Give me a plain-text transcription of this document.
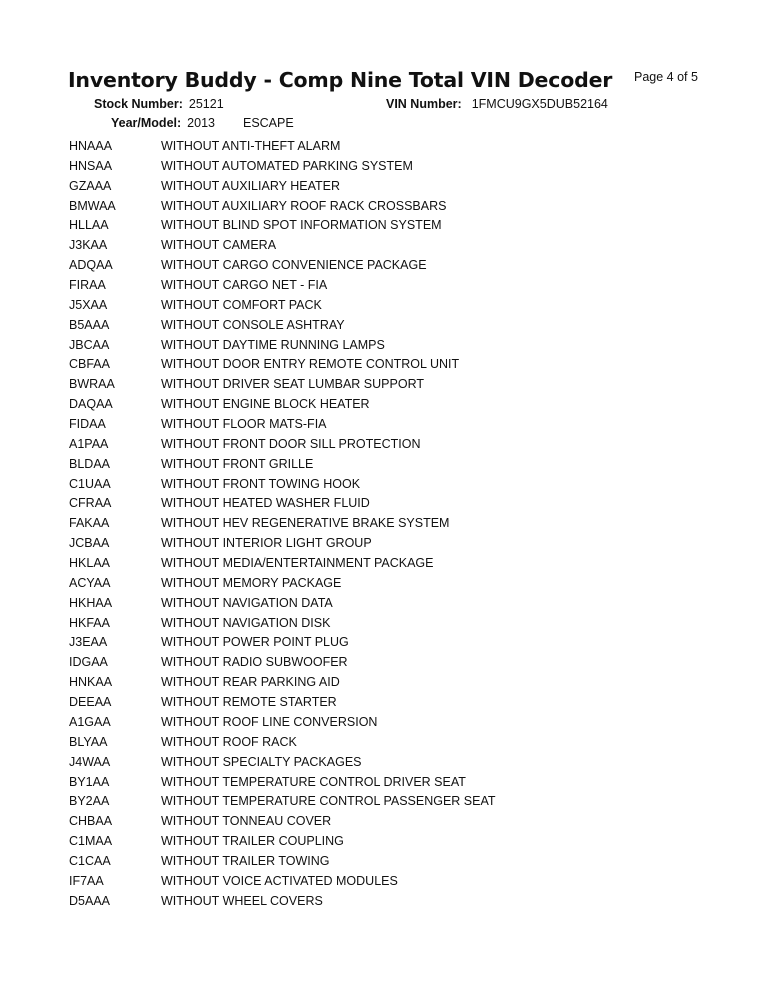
Inventory Buddy - Comp Nine Total VIN Decoder Page 4 of 5
Stock Number: 25121	VIN Number: 1FMCU9GX5DUB52164
Year/Model: 2013 ESCAPE
HNAAA	WITHOUT ANTI-THEFT ALARM
HNSAA	WITHOUT AUTOMATED PARKING SYSTEM
GZAAA	WITHOUT AUXILIARY HEATER
BMWAA	WITHOUT AUXILIARY ROOF RACK CROSSBARS
HLLAA	WITHOUT BLIND SPOT INFORMATION SYSTEM
J3KAA	WITHOUT CAMERA
ADQAA	WITHOUT CARGO CONVENIENCE PACKAGE
FIRAA	WITHOUT CARGO NET - FIA
J5XAA	WITHOUT COMFORT PACK
B5AAA	WITHOUT CONSOLE ASHTRAY
JBCAA	WITHOUT DAYTIME RUNNING LAMPS
CBFAA	WITHOUT DOOR ENTRY REMOTE CONTROL UNIT
BWRAA	WITHOUT DRIVER SEAT LUMBAR SUPPORT
DAQAA	WITHOUT ENGINE BLOCK HEATER
FIDAA	WITHOUT FLOOR MATS-FIA
A1PAA	WITHOUT FRONT DOOR SILL PROTECTION
BLDAA	WITHOUT FRONT GRILLE
C1UAA	WITHOUT FRONT TOWING HOOK
CFRAA	WITHOUT HEATED WASHER FLUID
FAKAA	WITHOUT HEV REGENERATIVE BRAKE SYSTEM
JCBAA	WITHOUT INTERIOR LIGHT GROUP
HKLAA	WITHOUT MEDIA/ENTERTAINMENT PACKAGE
ACYAA	WITHOUT MEMORY PACKAGE
HKHAA	WITHOUT NAVIGATION DATA
HKFAA	WITHOUT NAVIGATION DISK
J3EAA	WITHOUT POWER POINT PLUG
IDGAA	WITHOUT RADIO SUBWOOFER
HNKAA	WITHOUT REAR PARKING AID
DEEAA	WITHOUT REMOTE STARTER
A1GAA	WITHOUT ROOF LINE CONVERSION
BLYAA	WITHOUT ROOF RACK
J4WAA	WITHOUT SPECIALTY PACKAGES
BY1AA	WITHOUT TEMPERATURE CONTROL DRIVER SEAT
BY2AA	WITHOUT TEMPERATURE CONTROL PASSENGER SEAT
CHBAA	WITHOUT TONNEAU COVER
C1MAA	WITHOUT TRAILER COUPLING
C1CAA	WITHOUT TRAILER TOWING
IF7AA	WITHOUT VOICE ACTIVATED MODULES
D5AAA	WITHOUT WHEEL COVERS
